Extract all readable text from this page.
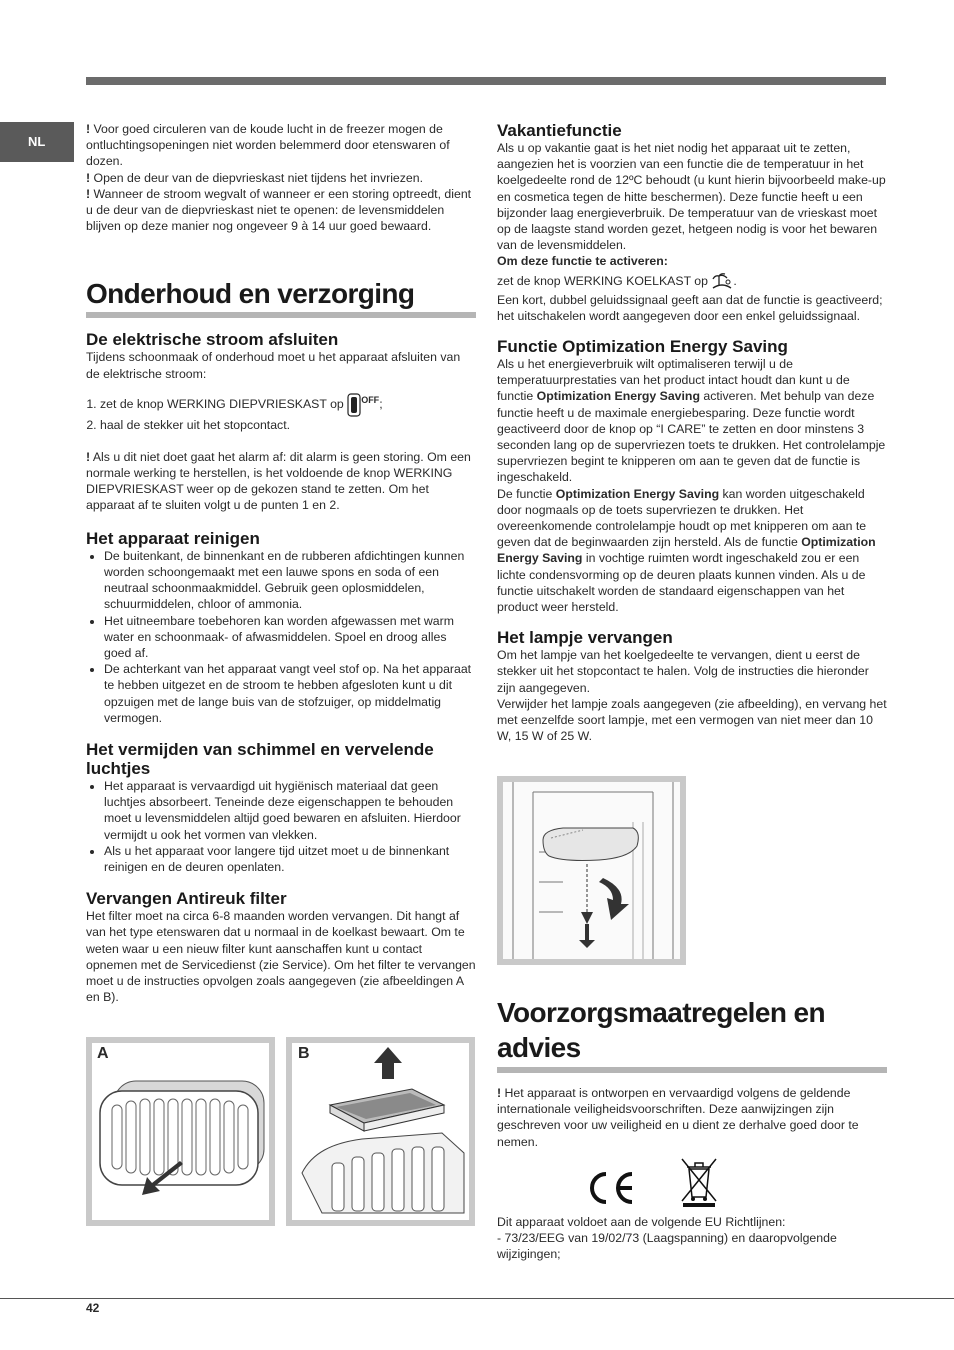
NL

! Voor goed circuleren van de koude lucht in de freezer mogen de ontluchtingsopeningen niet worden belemmerd door etenswaren of dozen.

! Open de deur van de diepvrieskast niet tijdens het invriezen.

! Wanneer de stroom wegvalt of wanneer er een storing optreedt, dient u de deur van de diepvrieskast niet te openen: de levensmiddelen blijven op deze manier nog ongeveer 9 à 14 uur goed bewaard.

Onderhoud en verzorging
De elektrische stroom afsluiten

Tijdens schoonmaak of onderhoud moet u het apparaat afsluiten van de elektrische stroom:

1. zet de knop WERKING DIEPVRIESKAST op $^{OFF}$;
2. haal de stekker uit het stopcontact.

! Als u dit niet doet gaat het alarm af: dit alarm is geen storing. Om een normale werking te herstellen, is het voldoende de knop WERKING DIEPVRIESKAST weer op de gekozen stand te zetten. Om het apparaat af te sluiten volgt u de punten 1 en 2.

Het apparaat reinigen
• De buitenkant, de binnenkant en de rubberen afdichtingen kunnen worden schoongemaakt met een lauwe spons en soda of een neutraal schoonmaakmiddel. Gebruik geen oplosmiddelen, schuurmiddelen, chloor of ammonia.
• Het uitneembare toebehoren kan worden afgewassen met warm water en schoonmaak- of afwasmiddelen. Spoel en droog alles goed af.
• De achterkant van het apparaat vangt veel stof op. Na het apparaat te hebben uitgezet en de stroom te hebben afgesloten kunt u dit opzuigen met de lange buis van de stofzuiger, op middelmatig vermogen.
Het vermijden van schimmel en vervelende luchtjes
• Het apparaat is vervaardigd uit hygiënisch materiaal dat geen luchtjes absorbeert. Teneinde deze eigenschappen te behouden moet u levensmiddelen altijd goed bewaren en afsluiten. Hierdoor vermijdt u ook het vormen van vlekken.
• Als u het apparaat voor langere tijd uitzet moet u de binnenkant reinigen en de deuren openlaten.
Vervangen Antireuk filter

Het filter moet na circa 6-8 maanden worden vervangen. Dit hangt af van het type etenswaren dat u normaal in de koelkast bewaart. Om te weten waar u een nieuw filter kunt aanschaffen kunt u contact opnemen met de Servicedienst (zie Service). Om het filter te vervangen moet u de instructies opvolgen zoals aangegeven (zie afbeeldingen A en B).

A	B
Vakantiefunctie

Als u op vakantie gaat is het niet nodig het apparaat uit te zetten, aangezien het is voorzien van een functie die de temperatuur in het koelgedeelte rond de 12ºC behoudt (u kunt hierin bijvoorbeeld make-up en cosmetica tegen de hitte beschermen). Deze functie heeft u een bijzonder laag energieverbruik. De temperatuur van de vrieskast moet op de laagste stand worden gezet, hetgeen nodig is voor het bewaren van de levensmiddelen.

Om deze functie te activeren:

zet de knop WERKING KOELKAST op .

Een kort, dubbel geluidssignaal geeft aan dat de functie is geactiveerd; het uitschakelen wordt aangegeven door een enkel geluidssignaal.

Functie Optimization Energy Saving

Als u het energieverbruik wilt optimaliseren terwijl u de temperatuurprestaties van het product intact houdt dan kunt u de functie Optimization Energy Saving activeren. Met behulp van deze functie heeft u de maximale energiebesparing. Deze functie wordt geactiveerd door de knop op “I CARE” te zetten en door minstens 3 seconden lang op de supervriezen toets te drukken. Het controlelampje supervriezen begint te knipperen om aan te geven dat de functie is ingeschakeld.

De functie Optimization Energy Saving kan worden uitgeschakeld door nogmaals op de toets supervriezen te drukken. Het overeenkomende controlelampje houdt op met knipperen om aan te geven dat de beginwaarden zijn hersteld. Als de functie Optimization Energy Saving in vochtige ruimten wordt ingeschakeld zou er een lichte condensvorming op de deuren plaats kunnen vinden. Als u de functie uitschakelt worden de standaard eigenschappen van het product weer hersteld.

Het lampje vervangen

Om het lampje van het koelgedeelte te vervangen, dient u eerst de stekker uit het stopcontact te halen. Volg de instructies die hieronder zijn aangegeven.

Verwijder het lampje zoals aangegeven (zie afbeelding), en vervang het met eenzelfde soort lampje, met een vermogen van niet meer dan 10 W, 15 W of 25 W.

Voorzorgsmaatregelen en advies

! Het apparaat is ontworpen en vervaardigd volgens de geldende internationale veiligheidsvoorschriften. Deze aanwijzingen zijn geschreven voor uw veiligheid en u dient ze derhalve goed door te nemen.

Dit apparaat voldoet aan de volgende EU Richtlijnen:

- 73/23/EEG van 19/02/73 (Laagspanning) en daaropvolgende wijzigingen;

42
